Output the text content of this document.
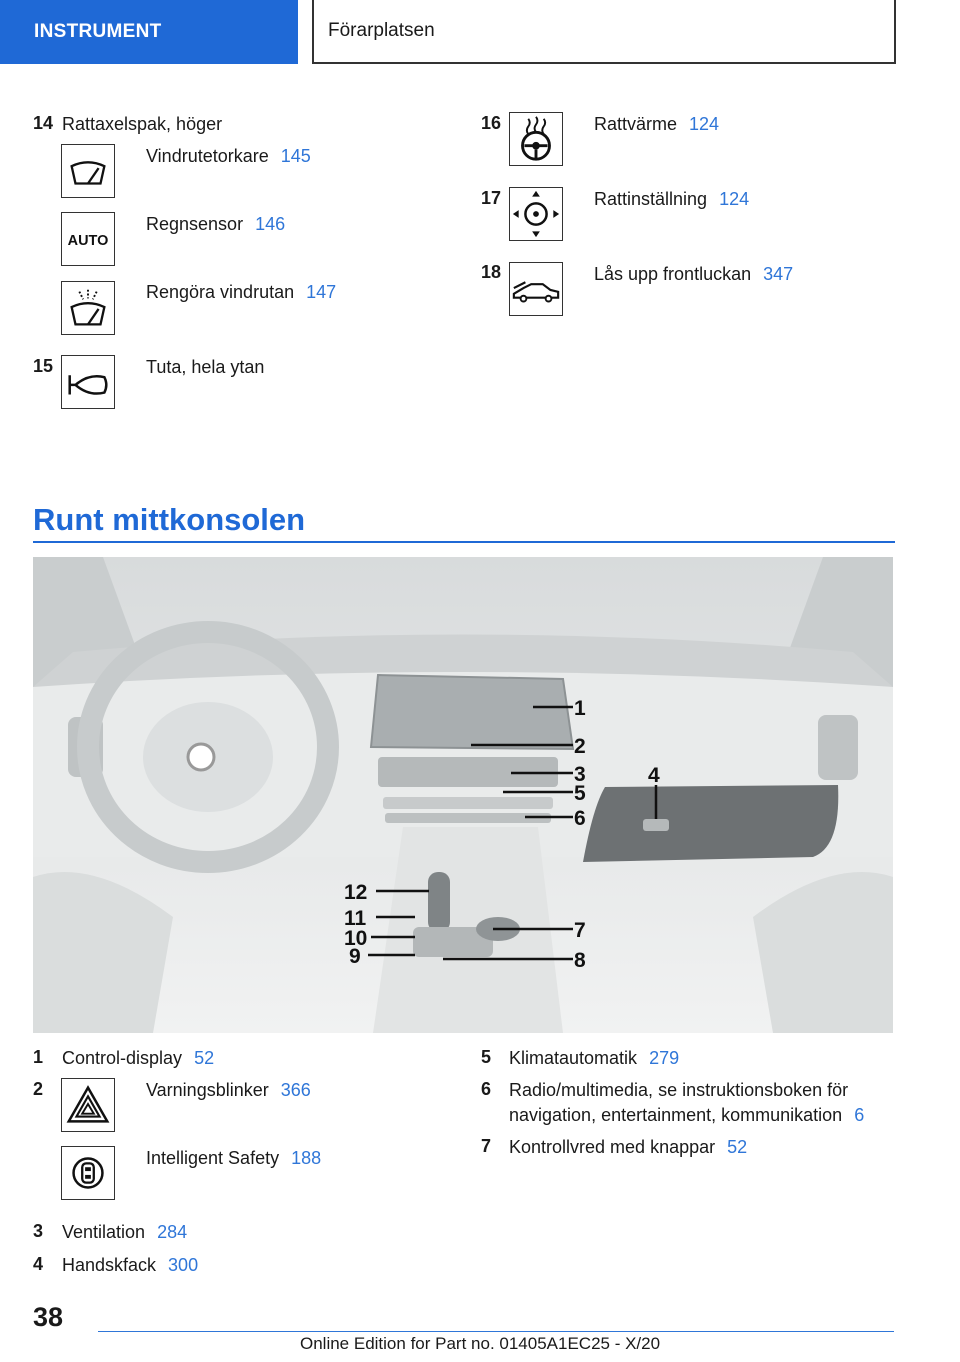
INSTRUMENT	Förarplatsen
14 Rattaxelspak, höger
Vindrutetorkare 145
AUTO
Regnsensor 146
Rengöra vindrutan 147
15	Tuta, hela ytan
16	Rattvärme 124
17	Rattinställning 124
18	Lås upp frontluckan 347
Runt mittkonsolen
1
2
3	4
5
6
7
8
9
10
11
12
1 Control-display 52
2	Varningsblinker 366
Intelligent Safety 188
3 Ventilation 284
4 Handskfack 300
5 Klimatautomatik 279
6 Radio/multimedia, se instruktionsboken för
navigation, entertainment, kommunikation 6
7 Kontrollvred med knappar 52
38
Online Edition for Part no. 01405A1EC25 - X/20
